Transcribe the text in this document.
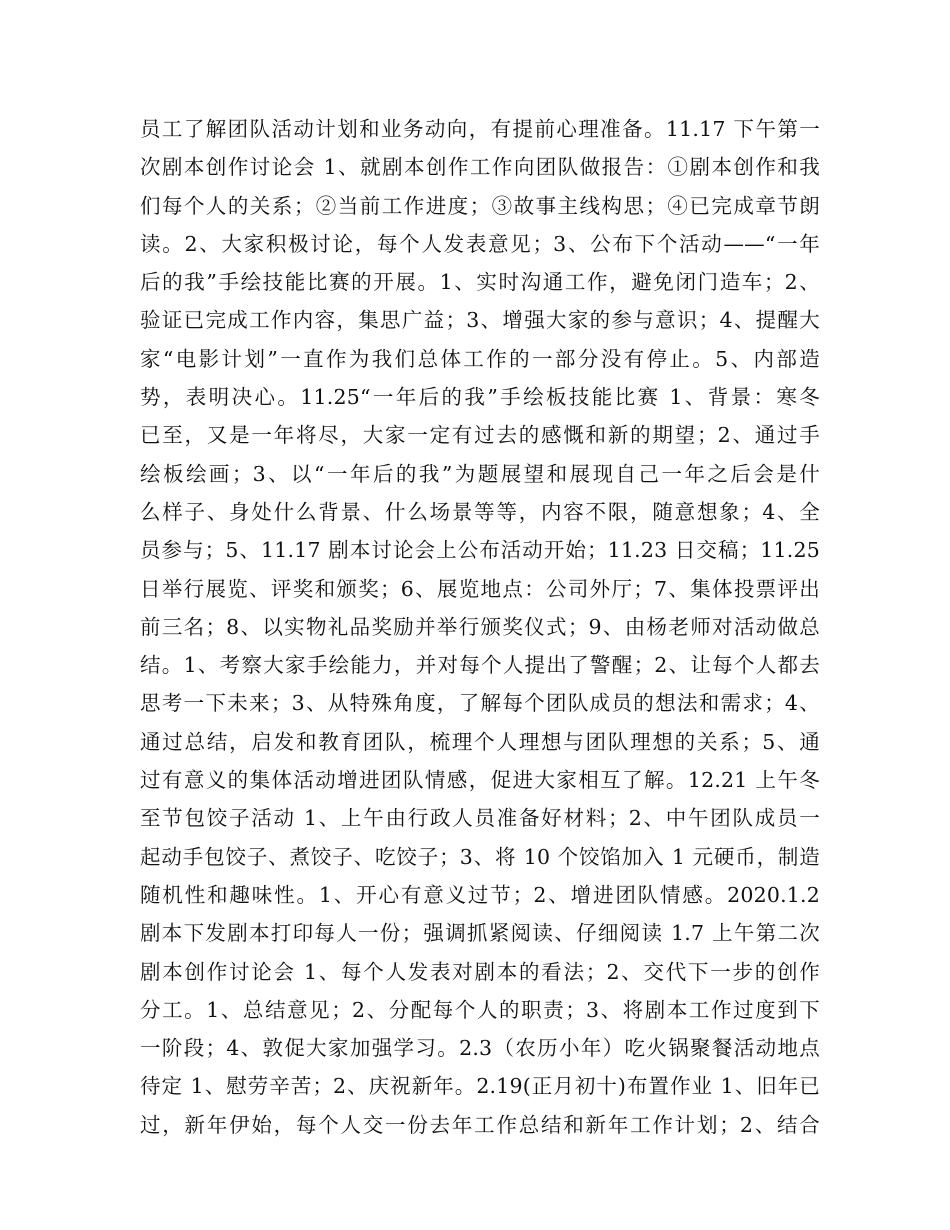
员工了解团队活动计划和业务动向，有提前心理准备。11.17 下午第一
次剧本创作讨论会 1、就剧本创作工作向团队做报告：①剧本创作和我
们每个人的关系；②当前工作进度；③故事主线构思；④已完成章节朗
读。2、大家积极讨论，每个人发表意见；3、公布下个活动——“一年
后的我”手绘技能比赛的开展。1、实时沟通工作，避免闭门造车；2、
验证已完成工作内容，集思广益；3、增强大家的参与意识；4、提醒大
家“电影计划”一直作为我们总体工作的一部分没有停止。5、内部造
势，表明决心。11.25“一年后的我”手绘板技能比赛 1、背景：寒冬
已至，又是一年将尽，大家一定有过去的感慨和新的期望；2、通过手
绘板绘画；3、以“一年后的我”为题展望和展现自己一年之后会是什
么样子、身处什么背景、什么场景等等，内容不限，随意想象；4、全
员参与；5、11.17 剧本讨论会上公布活动开始；11.23 日交稿；11.25
日举行展览、评奖和颁奖；6、展览地点：公司外厅；7、集体投票评出
前三名；8、以实物礼品奖励并举行颁奖仪式；9、由杨老师对活动做总
结。1、考察大家手绘能力，并对每个人提出了警醒；2、让每个人都去
思考一下未来；3、从特殊角度，了解每个团队成员的想法和需求；4、
通过总结，启发和教育团队，梳理个人理想与团队理想的关系；5、通
过有意义的集体活动增进团队情感，促进大家相互了解。12.21 上午冬
至节包饺子活动 1、上午由行政人员准备好材料；2、中午团队成员一
起动手包饺子、煮饺子、吃饺子；3、将 10 个饺馅加入 1 元硬币，制造
随机性和趣味性。1、开心有意义过节；2、增进团队情感。2020.1.2
剧本下发剧本打印每人一份；强调抓紧阅读、仔细阅读 1.7 上午第二次
剧本创作讨论会 1、每个人发表对剧本的看法；2、交代下一步的创作
分工。1、总结意见；2、分配每个人的职责；3、将剧本工作过度到下
一阶段；4、敦促大家加强学习。2.3（农历小年）吃火锅聚餐活动地点
待定 1、慰劳辛苦；2、庆祝新年。2.19(正月初十)布置作业 1、旧年已
过，新年伊始，每个人交一份去年工作总结和新年工作计划；2、结合
